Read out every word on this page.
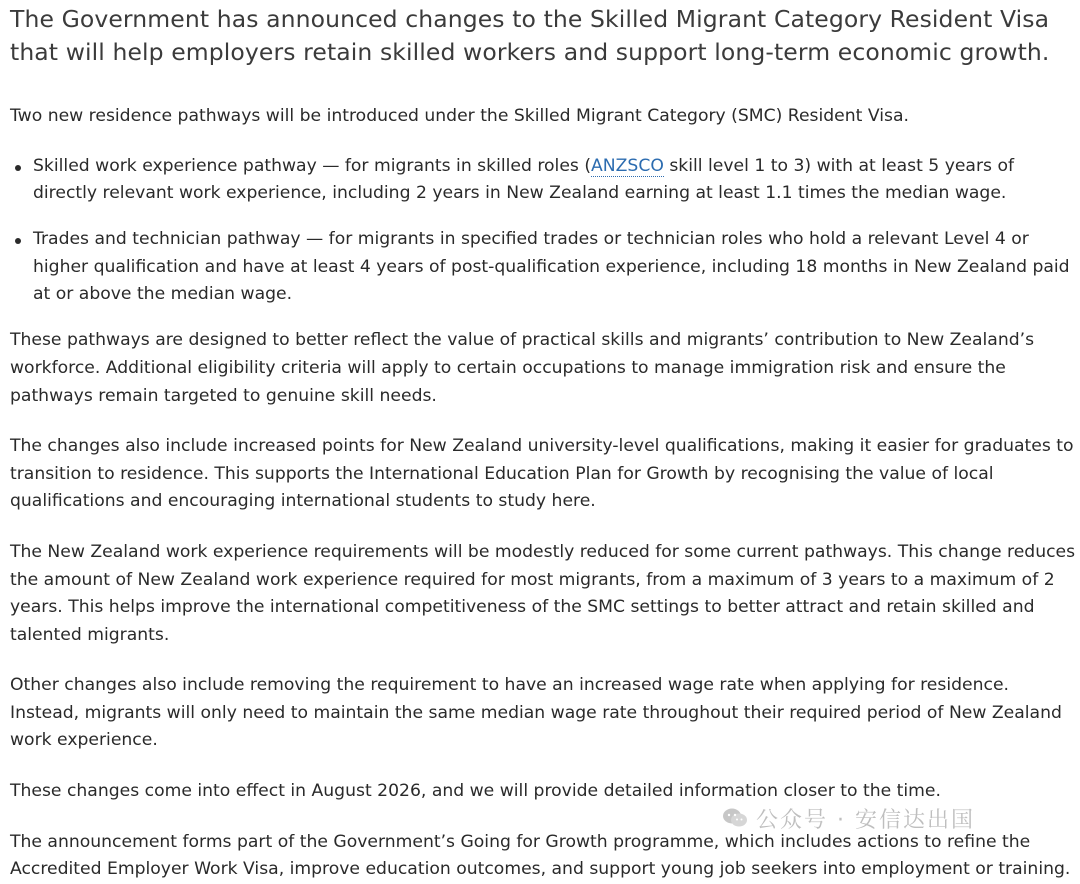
The Government has announced changes to the Skilled Migrant Category Resident Visa that will help employers retain skilled workers and support long-term economic growth.

Two new residence pathways will be introduced under the Skilled Migrant Category (SMC) Resident Visa.

Skilled work experience pathway — for migrants in skilled roles (ANZSCO skill level 1 to 3) with at least 5 years of directly relevant work experience, including 2 years in New Zealand earning at least 1.1 times the median wage.
Trades and technician pathway — for migrants in specified trades or technician roles who hold a relevant Level 4 or higher qualification and have at least 4 years of post-qualification experience, including 18 months in New Zealand paid at or above the median wage.

These pathways are designed to better reflect the value of practical skills and migrants’ contribution to New Zealand’s workforce. Additional eligibility criteria will apply to certain occupations to manage immigration risk and ensure the pathways remain targeted to genuine skill needs.

The changes also include increased points for New Zealand university-level qualifications, making it easier for graduates to transition to residence. This supports the International Education Plan for Growth by recognising the value of local qualifications and encouraging international students to study here.

The New Zealand work experience requirements will be modestly reduced for some current pathways. This change reduces the amount of New Zealand work experience required for most migrants, from a maximum of 3 years to a maximum of 2 years. This helps improve the international competitiveness of the SMC settings to better attract and retain skilled and talented migrants.

Other changes also include removing the requirement to have an increased wage rate when applying for residence. Instead, migrants will only need to maintain the same median wage rate throughout their required period of New Zealand work experience.

These changes come into effect in August 2026, and we will provide detailed information closer to the time.

The announcement forms part of the Government’s Going for Growth programme, which includes actions to refine the Accredited Employer Work Visa, improve education outcomes, and support young job seekers into employment or training.

公众号 · 安信达出国
